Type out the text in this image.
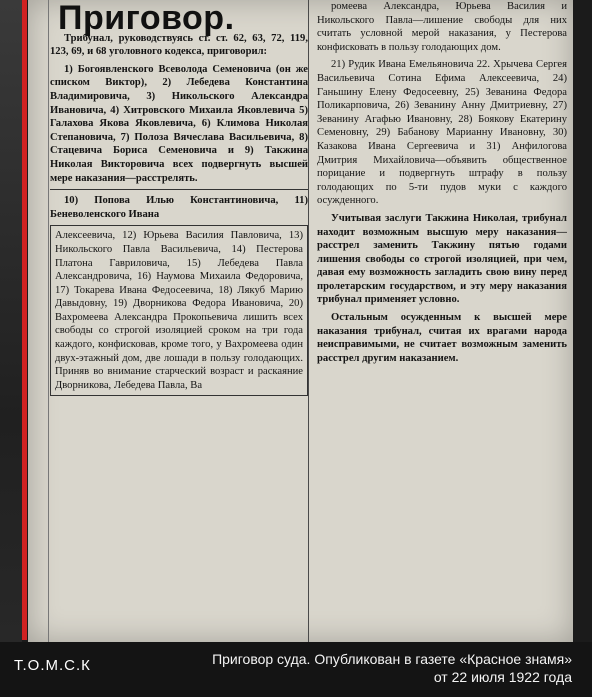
Приговор.

Трибунал, руководствуясь ст. ст. 62, 63, 72, 119, 123, 69, и 68 уголовного кодекса, приговорил:

1) Богоявленского Всеволода Семеновича (он же списком Виктор), 2) Лебедева Константина Владимировича, 3) Никольского Александра Ивановича, 4) Хитровского Михаила Яковлевича 5) Галахова Якова Яковлевича, 6) Климова Николая Степановича, 7) Полоза Вячеслава Васильевича, 8) Стацевича Бориса Семеновича и 9) Такжина Николая Викторовича всех подвергнуть высшей мере наказания—расстрелять.

10) Попова Илью Константиновича, 11) Беневоленского Ивана

Алексеевича, 12) Юрьева Василия Павловича, 13) Никольского Павла Васильевича, 14) Пестерова Платона Гавриловича, 15) Лебедева Павла Александровича, 16) Наумова Михаила Федоровича, 17) Токарева Ивана Федосеевича, 18) Лякуб Марию Давыдовну, 19) Дворникова Федора Ивановича, 20) Вахромеева Александра Прокопьевича лишить всех свободы со строгой изоляцией сроком на три года каждого, конфисковав, кроме того, у Вахромеева один двух-этажный дом, две лошади в пользу голодающих. Приняв во внимание старческий возраст и раскаяние Дворникова, Лебедева Павла, Ва

ромеева Александра, Юрьева Василия и Никольского Павла—лишение свободы для них считать условной мерой наказания, у Пестерова конфисковать в пользу голодающих дом.

21) Рудик Ивана Емельяновича 22. Хрычева Сергея Васильевича Сотина Ефима Алексеевича, 24) Ганьшину Елену Федосеевну, 25) Зеванина Федора Поликарповича, 26) Зеванину Анну Дмитриевну, 27) Зеванину Агафью Ивановну, 28) Боякову Екатерину Семеновну, 29) Бабанову Марианну Ивановну, 30) Казакова Ивана Сергеевича и 31) Анфилогова Дмитрия Михайловича—объявить общественное порицание и подвергнуть штрафу в пользу голодающих по 5-ти пудов муки с каждого осужденного.

Учитывая заслуги Такжина Николая, трибунал находит возможным высшую меру наказания—расстрел заменить Такжину пятью годами лишения свободы со строгой изоляцией, при чем, давая ему возможность загладить свою вину перед пролетарским государством, и эту меру наказания трибунал применяет условно.

Остальным осужденным к высшей мере наказания трибунал, считая их врагами народа неисправимыми, не считает возможным заменить расстрел другим наказанием.

Т.О.М.С.К	Приговор суда. Опубликован в газете «Красное знамя»
от 22 июля 1922 года
